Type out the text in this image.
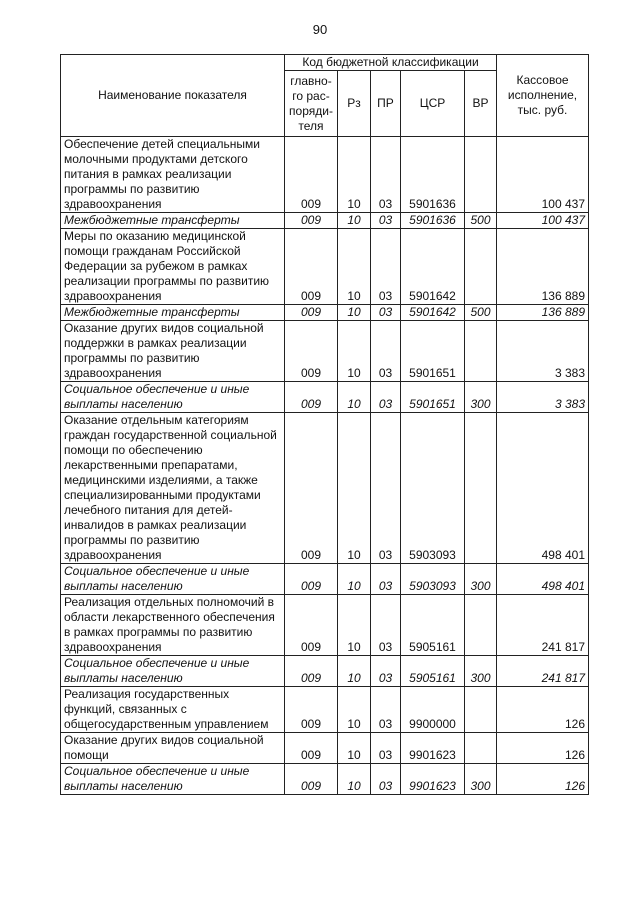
90
Наименование показателя	Код бюджетной классификации					Кассовое исполнение, тыс. руб.
	главно-го рас-поряди-теля	Рз	ПР	ЦСР	ВР	
Обеспечение детей специальными молочными продуктами детского питания в рамках реализации программы по развитию здравоохранения	009	10	03	5901636		100 437
Межбюджетные трансферты	009	10	03	5901636	500	100 437
Меры по оказанию медицинской помощи гражданам Российской Федерации за рубежом в рамках реализации программы по развитию здравоохранения	009	10	03	5901642		136 889
Межбюджетные трансферты	009	10	03	5901642	500	136 889
Оказание других видов социальной поддержки в рамках реализации программы по развитию здравоохранения	009	10	03	5901651		3 383
Социальное обеспечение и иные выплаты населению	009	10	03	5901651	300	3 383
Оказание отдельным категориям граждан государственной социальной помощи по обеспечению лекарственными препаратами, медицинскими изделиями, а также специализированными продуктами лечебного питания для детей-инвалидов в рамках реализации программы по развитию здравоохранения	009	10	03	5903093		498 401
Социальное обеспечение и иные выплаты населению	009	10	03	5903093	300	498 401
Реализация отдельных полномочий в области лекарственного обеспечения в рамках программы по развитию здравоохранения	009	10	03	5905161		241 817
Социальное обеспечение и иные выплаты населению	009	10	03	5905161	300	241 817
Реализация государственных функций, связанных с общегосударственным управлением	009	10	03	9900000		126
Оказание других видов социальной помощи	009	10	03	9901623		126
Социальное обеспечение и иные выплаты населению	009	10	03	9901623	300	126
